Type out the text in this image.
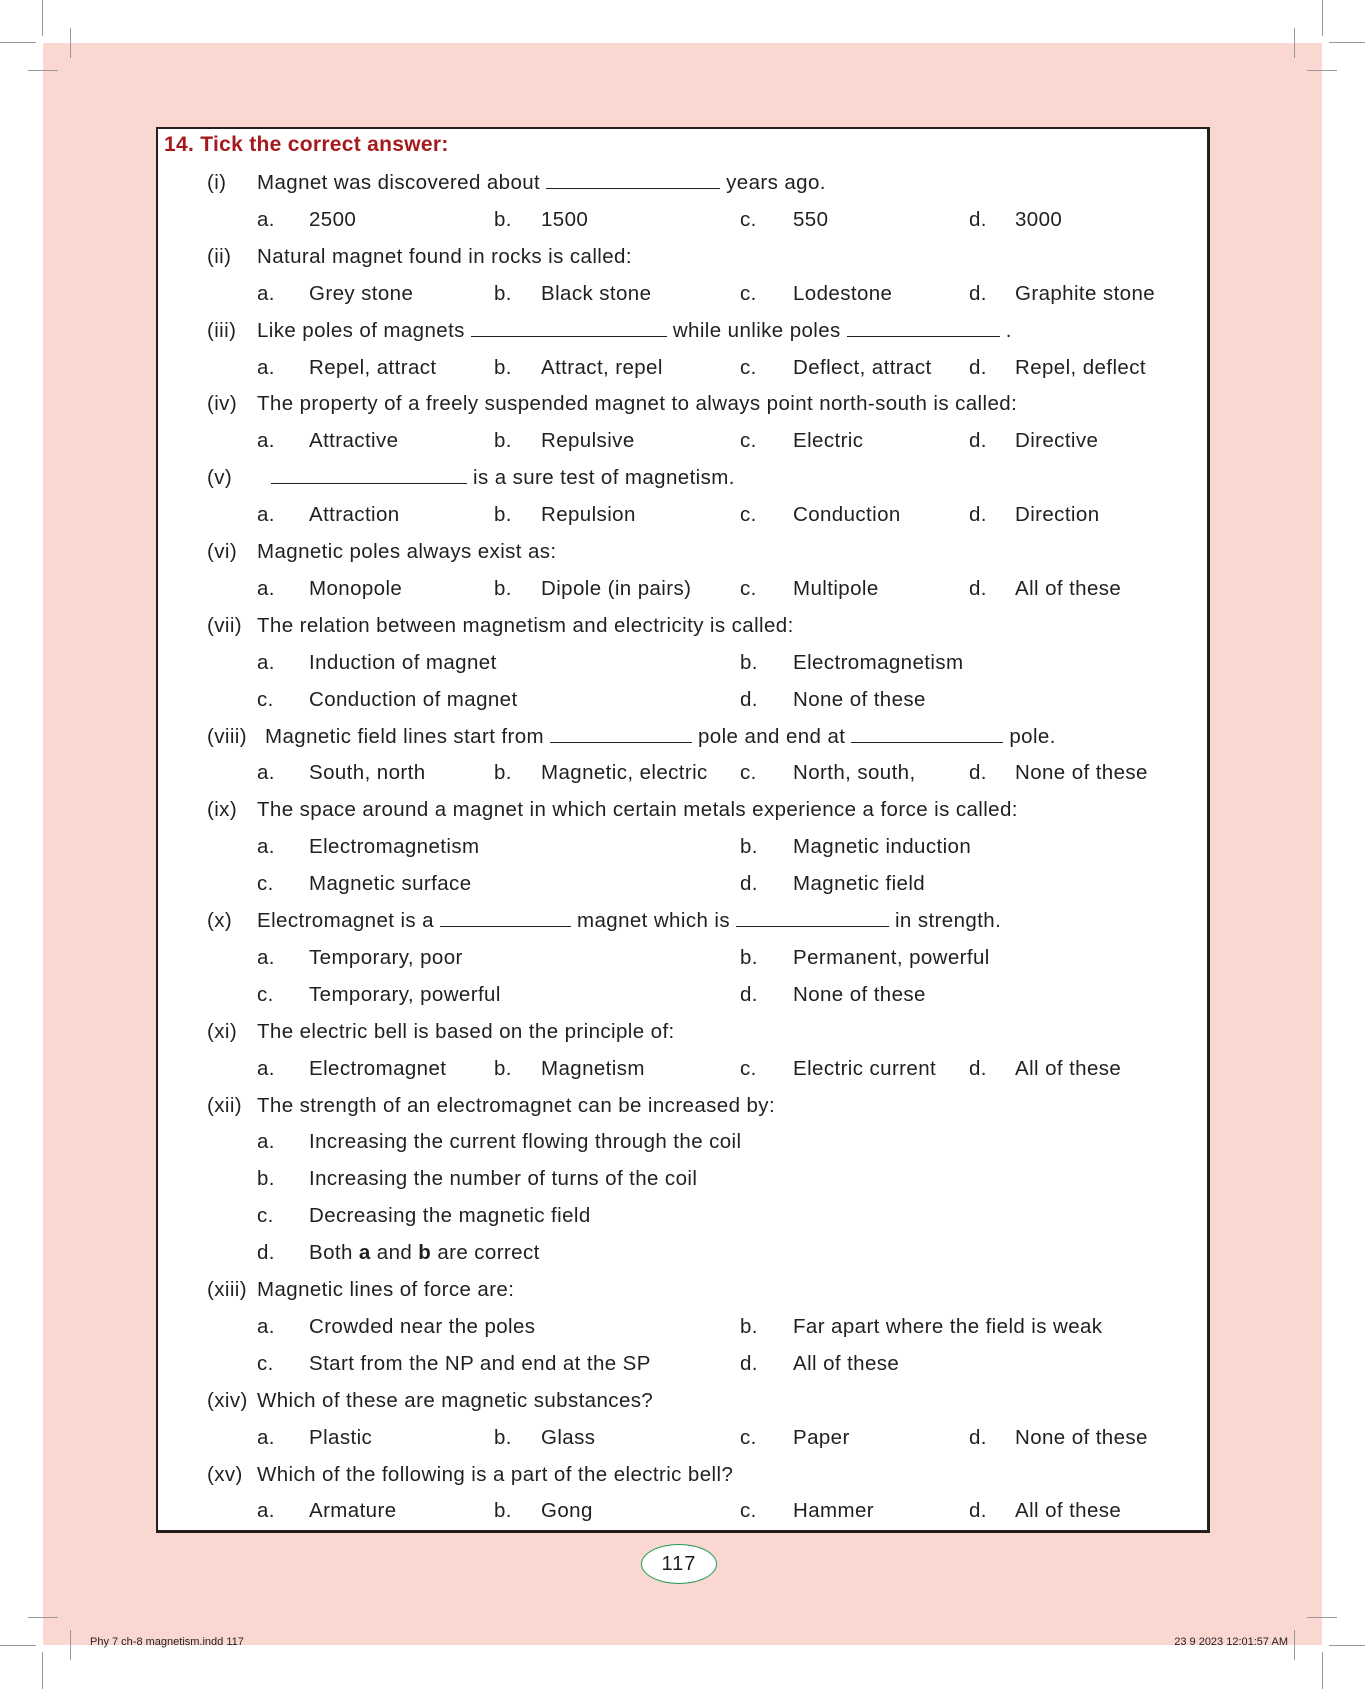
14. Tick the correct answer:
(i) Magnet was discovered about	years ago.
a. 2500	b. 1500	c. 550	d. 3000
(ii) Natural magnet found in rocks is called:
a. Grey stone	b. Black stone	c. Lodestone	d. Graphite stone
(iii) Like poles of magnets	while unlike poles	.
a. Repel, attract	b. Attract, repel	c. Deflect, attract d. Repel, deflect
(iv) The property of a freely suspended magnet to always point north-south is called:
a. Attractive	b. Repulsive	c. Electric	d. Directive
(v)	is a sure test of magnetism.
a. Attraction	b. Repulsion	c. Conduction	d. Direction
(vi) Magnetic poles always exist as:
a. Monopole	b. Dipole (in pairs) c. Multipole	d. All of these
(vii) The relation between magnetism and electricity is called:
a. Induction of magnet	b. Electromagnetism
c. Conduction of magnet	d. None of these
(viii) Magnetic field lines start from	pole and end at	pole.
a. South, north	b. Magnetic, electric c. North, south,	d. None of these
(ix) The space around a magnet in which certain metals experience a force is called:
a. Electromagnetism	b. Magnetic induction
c. Magnetic surface	d. Magnetic field
(x) Electromagnet is a	magnet which is	in strength.
a. Temporary, poor	b. Permanent, powerful
c. Temporary, powerful	d. None of these
(xi) The electric bell is based on the principle of:
a. Electromagnet b. Magnetism	c. Electric current d. All of these
(xii) The strength of an electromagnet can be increased by:
a. Increasing the current flowing through the coil
b. Increasing the number of turns of the coil
c. Decreasing the magnetic field
d. Both a and b are correct
(xiii) Magnetic lines of force are:
a. Crowded near the poles	b. Far apart where the field is weak
c. Start from the NP and end at the SP	d. All of these
(xiv) Which of these are magnetic substances?
a. Plastic	b. Glass	c. Paper	d. None of these
(xv) Which of the following is a part of the electric bell?
a. Armature	b. Gong	c. Hammer	d. All of these
117
Phy 7 ch-8 magnetism.indd 117	23 9 2023 12:01:57 AM
